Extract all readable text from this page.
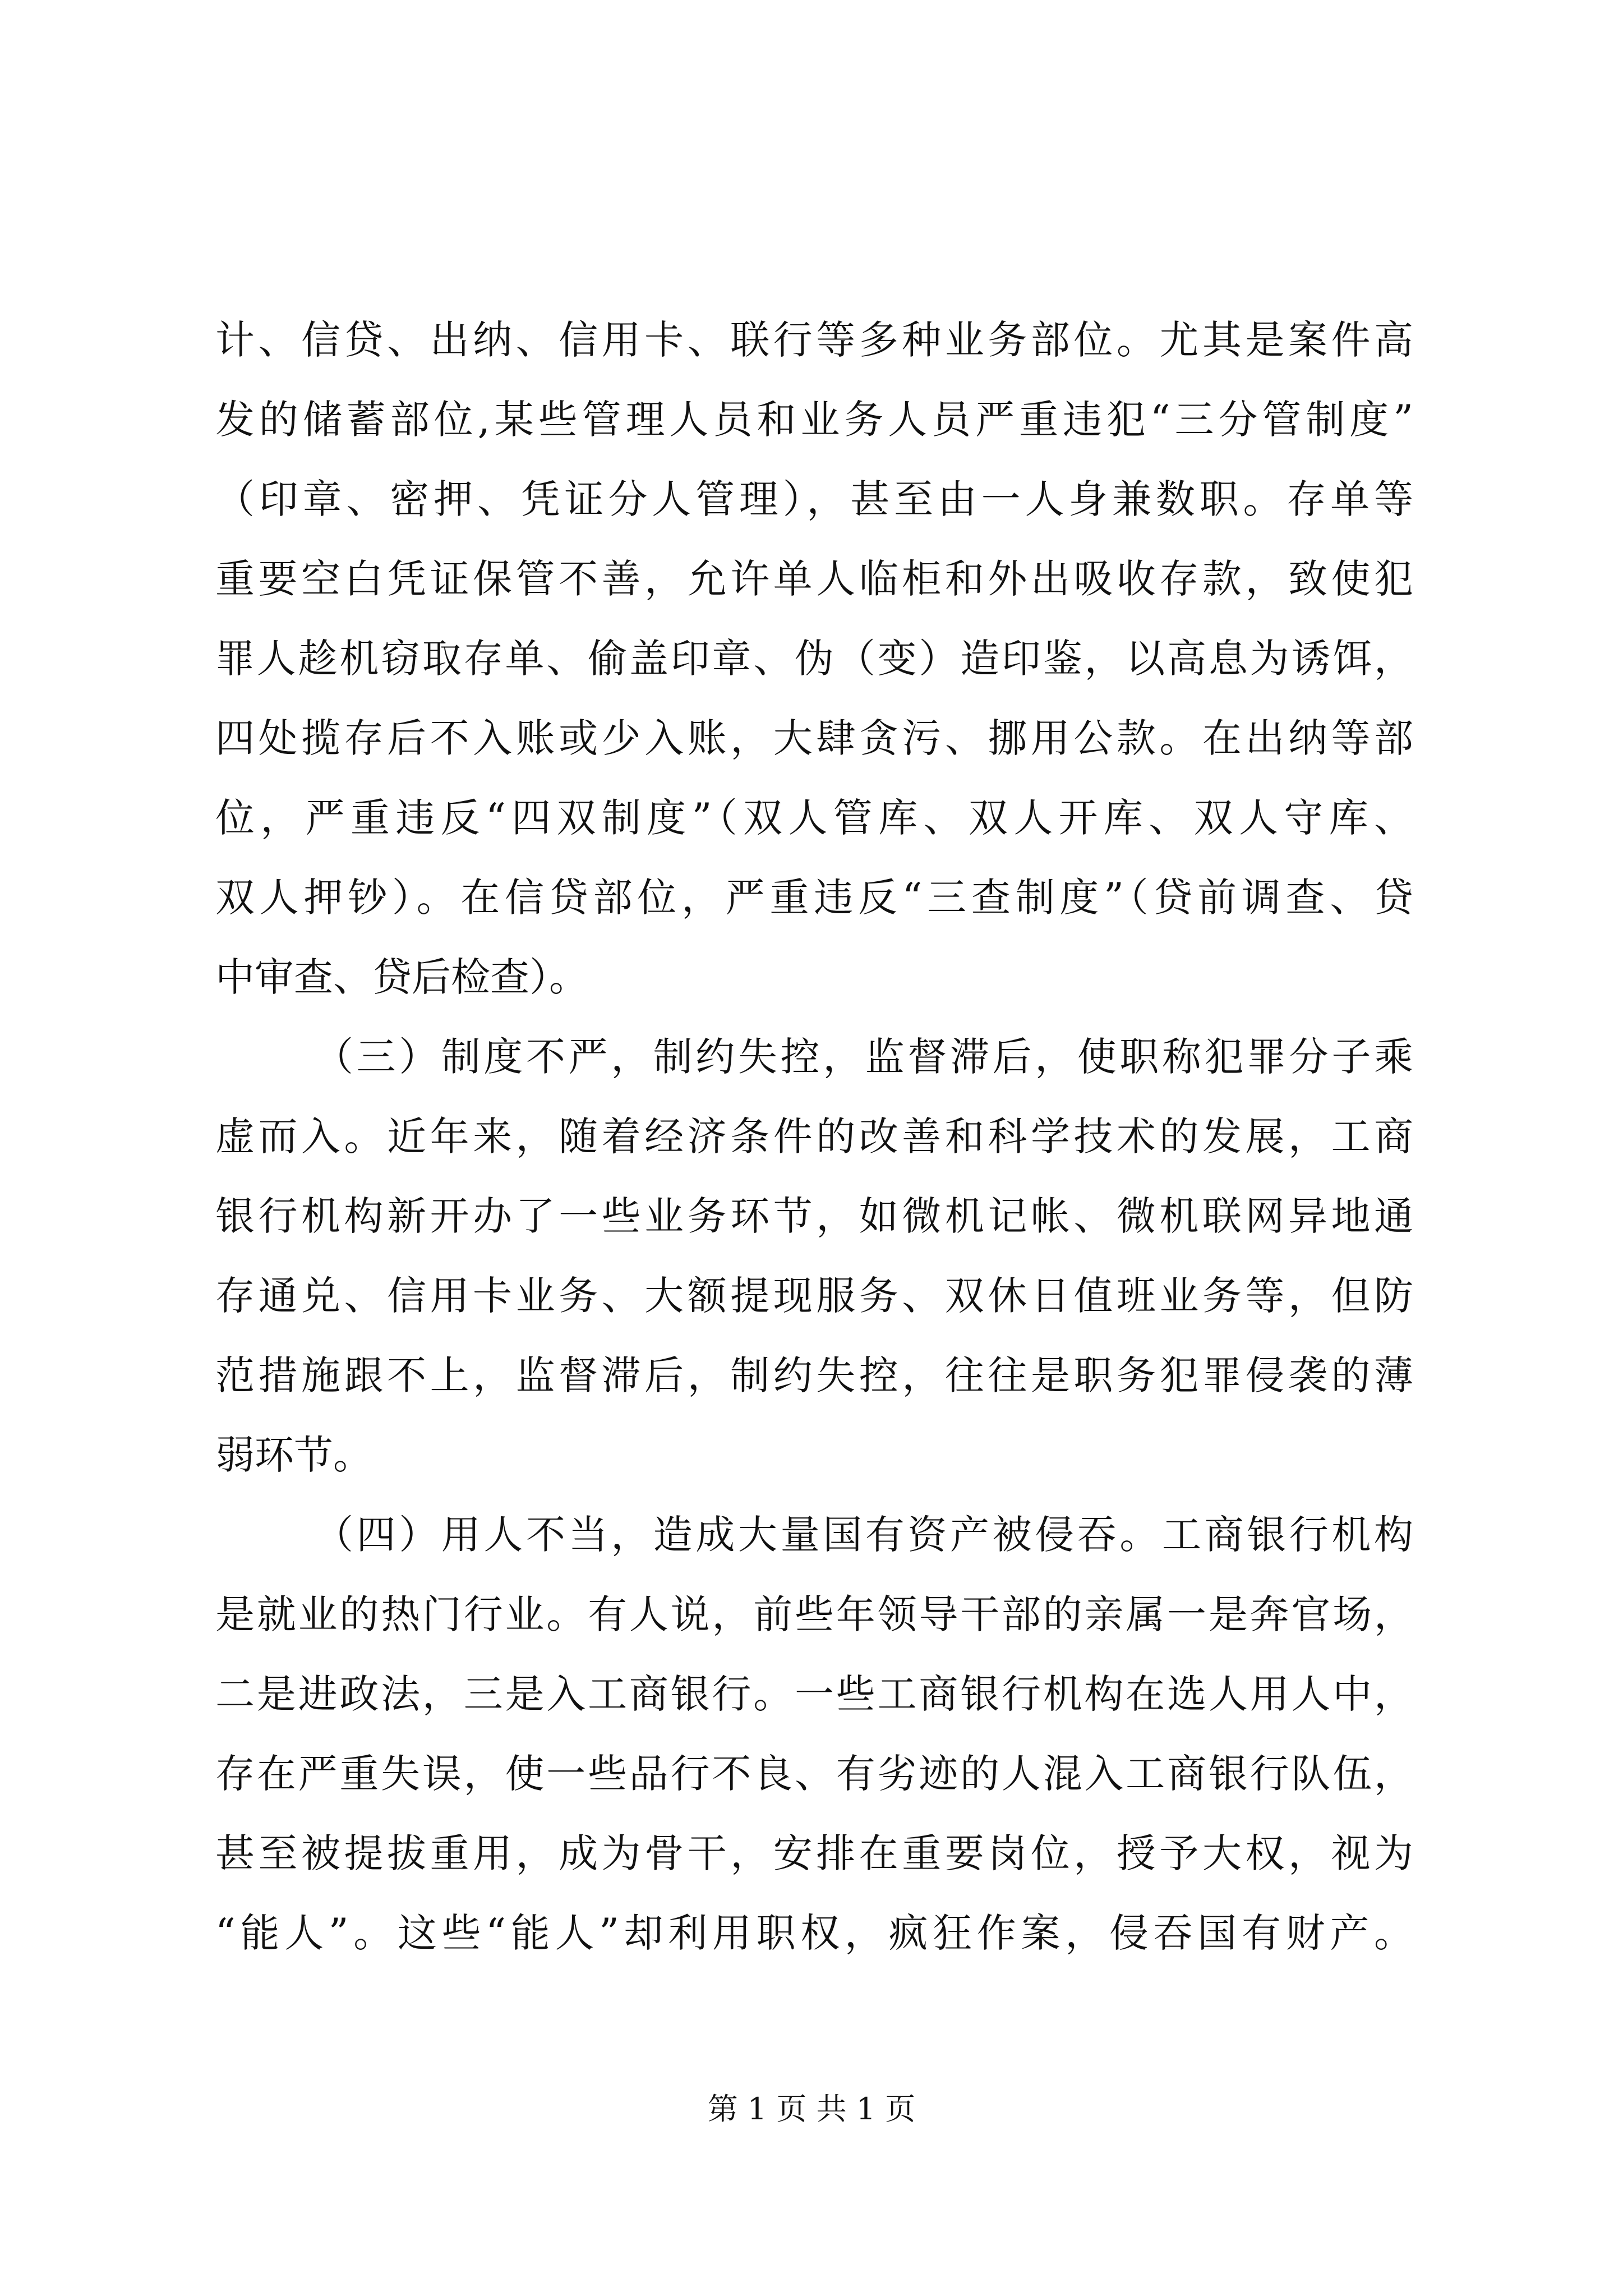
计、信贷、出纳、信用卡、联行等多种业务部位。尤其是案件高
发的储蓄部位,某些管理人员和业务人员严重违犯“三分管制度”
（印章、密押、凭证分人管理），甚至由一人身兼数职。存单等
重要空白凭证保管不善，允许单人临柜和外出吸收存款，致使犯
罪人趁机窃取存单、偷盖印章、伪（变）造印鉴，以高息为诱饵，
四处揽存后不入账或少入账，大肆贪污、挪用公款。在出纳等部
位，严重违反“四双制度”（双人管库、双人开库、双人守库、
双人押钞）。在信贷部位，严重违反“三查制度”（贷前调查、贷
中审查、贷后检查）。
（三）制度不严，制约失控，监督滞后，使职称犯罪分子乘
虚而入。近年来，随着经济条件的改善和科学技术的发展，工商
银行机构新开办了一些业务环节，如微机记帐、微机联网异地通
存通兑、信用卡业务、大额提现服务、双休日值班业务等，但防
范措施跟不上，监督滞后，制约失控，往往是职务犯罪侵袭的薄
弱环节。
（四）用人不当，造成大量国有资产被侵吞。工商银行机构
是就业的热门行业。有人说，前些年领导干部的亲属一是奔官场，
二是进政法，三是入工商银行。一些工商银行机构在选人用人中，
存在严重失误，使一些品行不良、有劣迹的人混入工商银行队伍，
甚至被提拔重用，成为骨干，安排在重要岗位，授予大权，视为
“能人”。这些“能人”却利用职权，疯狂作案，侵吞国有财产。
第 1 页 共 1 页
